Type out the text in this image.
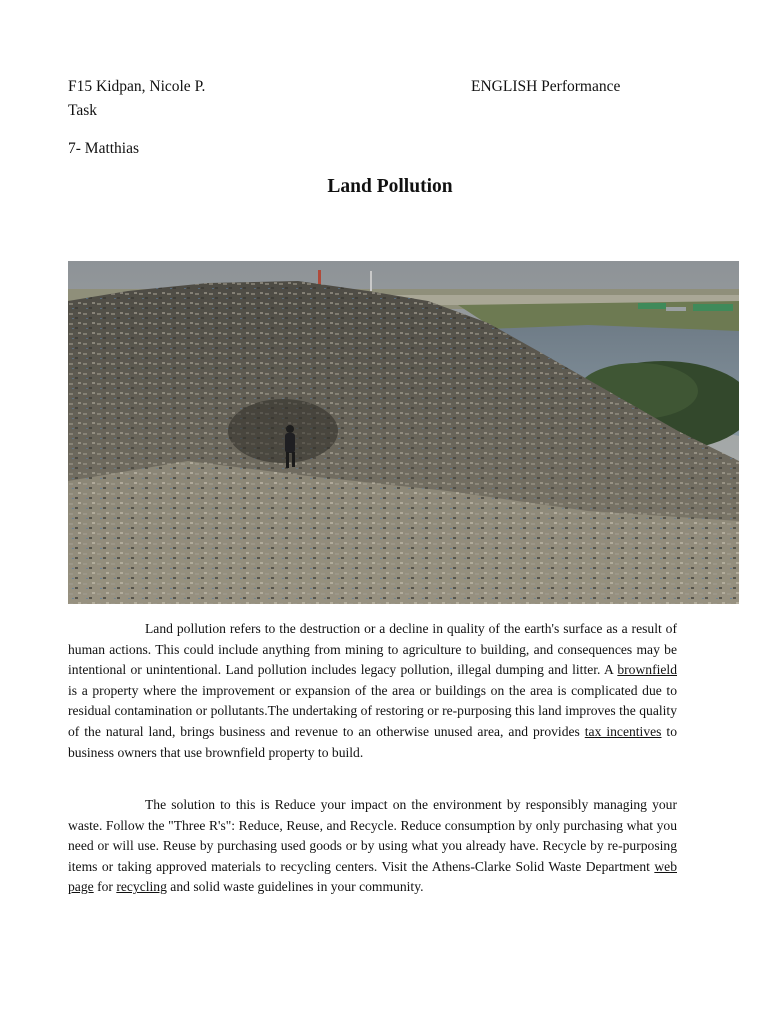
F15 Kidpan, Nicole P.	ENGLISH Performance
Task
7- Matthias
Land Pollution

Land pollution refers to the destruction or a decline in quality of the earth's surface as a result of human actions. This could include anything from mining to agriculture to building, and consequences may be intentional or unintentional. Land pollution includes legacy pollution, illegal dumping and litter. A brownfield is a property where the improvement or expansion of the area or buildings on the area is complicated due to residual contamination or pollutants.The undertaking of restoring or re-purposing this land improves the quality of the natural land, brings business and revenue to an otherwise unused area, and provides tax incentives to business owners that use brownfield property to build.

The solution to this is Reduce your impact on the environment by responsibly managing your waste. Follow the "Three R's": Reduce, Reuse, and Recycle. Reduce consumption by only purchasing what you need or will use. Reuse by purchasing used goods or by using what you already have. Recycle by re-purposing items or taking approved materials to recycling centers. Visit the Athens-Clarke Solid Waste Department web page for recycling and solid waste guidelines in your community.
